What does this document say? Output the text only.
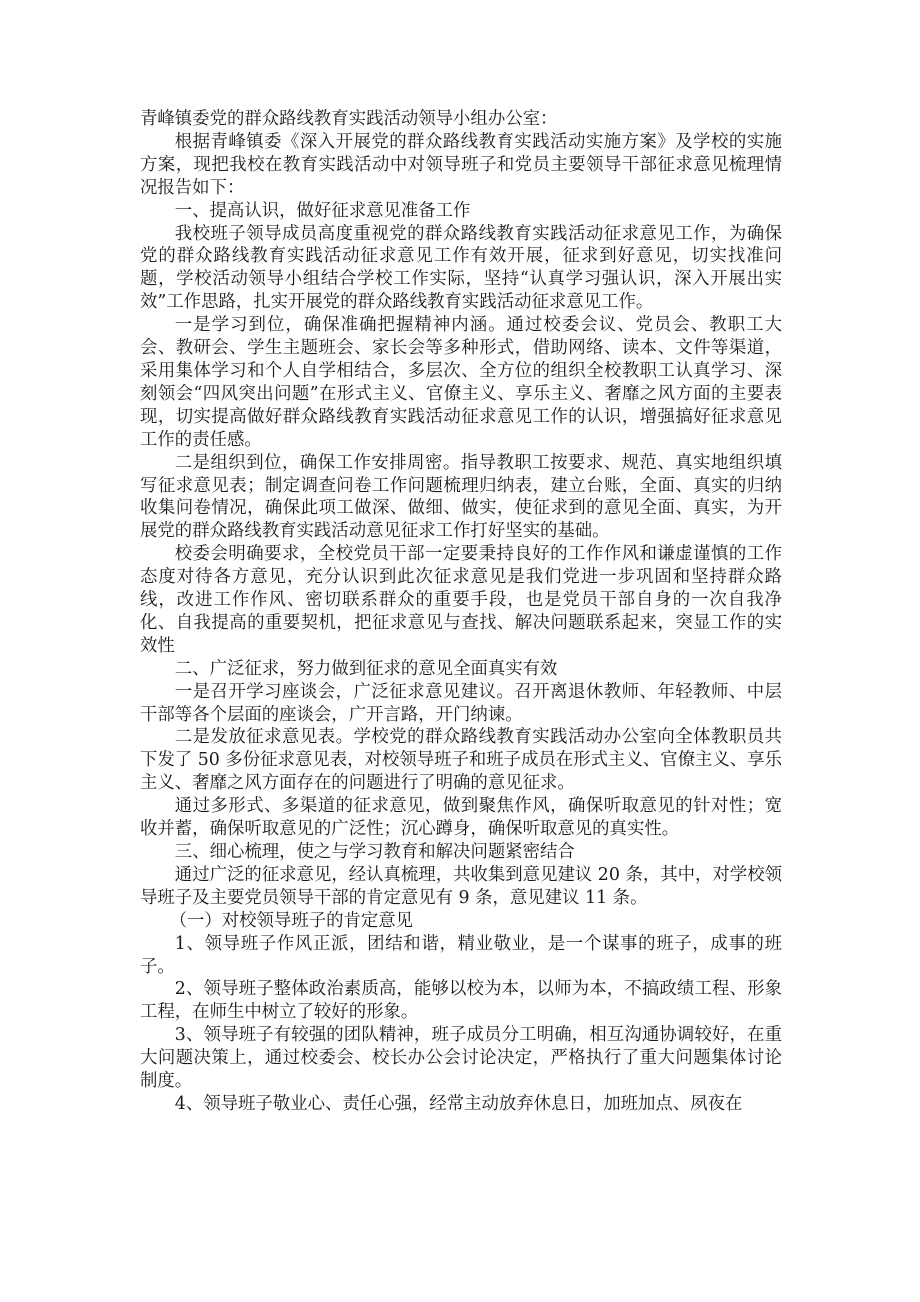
青峰镇委党的群众路线教育实践活动领导小组办公室：

根据青峰镇委《深入开展党的群众路线教育实践活动实施方案》及学校的实施方案，现把我校在教育实践活动中对领导班子和党员主要领导干部征求意见梳理情况报告如下：

一、提高认识，做好征求意见准备工作

我校班子领导成员高度重视党的群众路线教育实践活动征求意见工作，为确保党的群众路线教育实践活动征求意见工作有效开展，征求到好意见，切实找准问题，学校活动领导小组结合学校工作实际，坚持“认真学习强认识，深入开展出实效”工作思路，扎实开展党的群众路线教育实践活动征求意见工作。

一是学习到位，确保准确把握精神内涵。通过校委会议、党员会、教职工大会、教研会、学生主题班会、家长会等多种形式，借助网络、读本、文件等渠道，采用集体学习和个人自学相结合，多层次、全方位的组织全校教职工认真学习、深刻领会“四风突出问题”在形式主义、官僚主义、享乐主义、奢靡之风方面的主要表现，切实提高做好群众路线教育实践活动征求意见工作的认识，增强搞好征求意见工作的责任感。

二是组织到位，确保工作安排周密。指导教职工按要求、规范、真实地组织填写征求意见表；制定调查问卷工作问题梳理归纳表，建立台账，全面、真实的归纳收集问卷情况，确保此项工做深、做细、做实，使征求到的意见全面、真实，为开展党的群众路线教育实践活动意见征求工作打好坚实的基础。

校委会明确要求，全校党员干部一定要秉持良好的工作作风和谦虚谨慎的工作态度对待各方意见，充分认识到此次征求意见是我们党进一步巩固和坚持群众路线，改进工作作风、密切联系群众的重要手段，也是党员干部自身的一次自我净化、自我提高的重要契机，把征求意见与查找、解决问题联系起来，突显工作的实效性

二、广泛征求，努力做到征求的意见全面真实有效

一是召开学习座谈会，广泛征求意见建议。召开离退休教师、年轻教师、中层干部等各个层面的座谈会，广开言路，开门纳谏。

二是发放征求意见表。学校党的群众路线教育实践活动办公室向全体教职员共下发了 50 多份征求意见表，对校领导班子和班子成员在形式主义、官僚主义、享乐主义、奢靡之风方面存在的问题进行了明确的意见征求。

通过多形式、多渠道的征求意见，做到聚焦作风，确保听取意见的针对性；宽收并蓄，确保听取意见的广泛性；沉心蹲身，确保听取意见的真实性。

三、细心梳理，使之与学习教育和解决问题紧密结合

通过广泛的征求意见，经认真梳理，共收集到意见建议 20 条，其中，对学校领导班子及主要党员领导干部的肯定意见有 9 条，意见建议 11 条。

（一）对校领导班子的肯定意见

1、领导班子作风正派，团结和谐，精业敬业，是一个谋事的班子，成事的班子。

2、领导班子整体政治素质高，能够以校为本，以师为本，不搞政绩工程、形象工程，在师生中树立了较好的形象。

3、领导班子有较强的团队精神，班子成员分工明确，相互沟通协调较好，在重大问题决策上，通过校委会、校长办公会讨论决定，严格执行了重大问题集体讨论制度。

4、领导班子敬业心、责任心强，经常主动放弃休息日，加班加点、夙夜在
